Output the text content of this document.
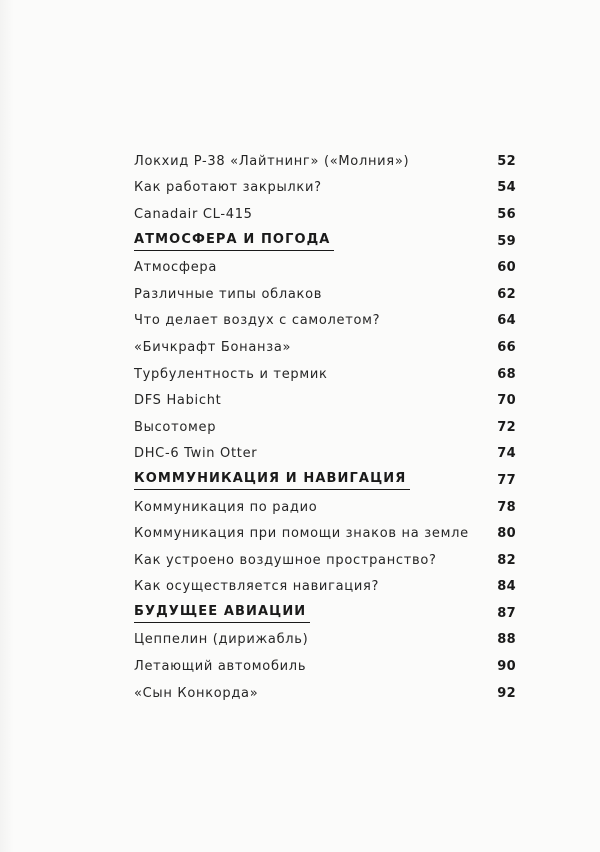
Локхид P-38 «Лайтнинг» («Молния»)	52
Как работают закрылки?	54
Canadair CL-415	56
АТМОСФЕРА И ПОГОДА	59
Атмосфера	60
Различные типы облаков	62
Что делает воздух с самолетом?	64
«Бичкрафт Бонанза»	66
Турбулентность и термик	68
DFS Habicht	70
Высотомер	72
DHC-6 Twin Otter	74
КОММУНИКАЦИЯ И НАВИГАЦИЯ	77
Коммуникация по радио	78
Коммуникация при помощи знаков на земле 80
Как устроено воздушное пространство?	82
Как осуществляется навигация?	84
БУДУЩЕЕ АВИАЦИИ	87
Цеппелин (дирижабль)	88
Летающий автомобиль	90
«Сын Конкорда»	92
